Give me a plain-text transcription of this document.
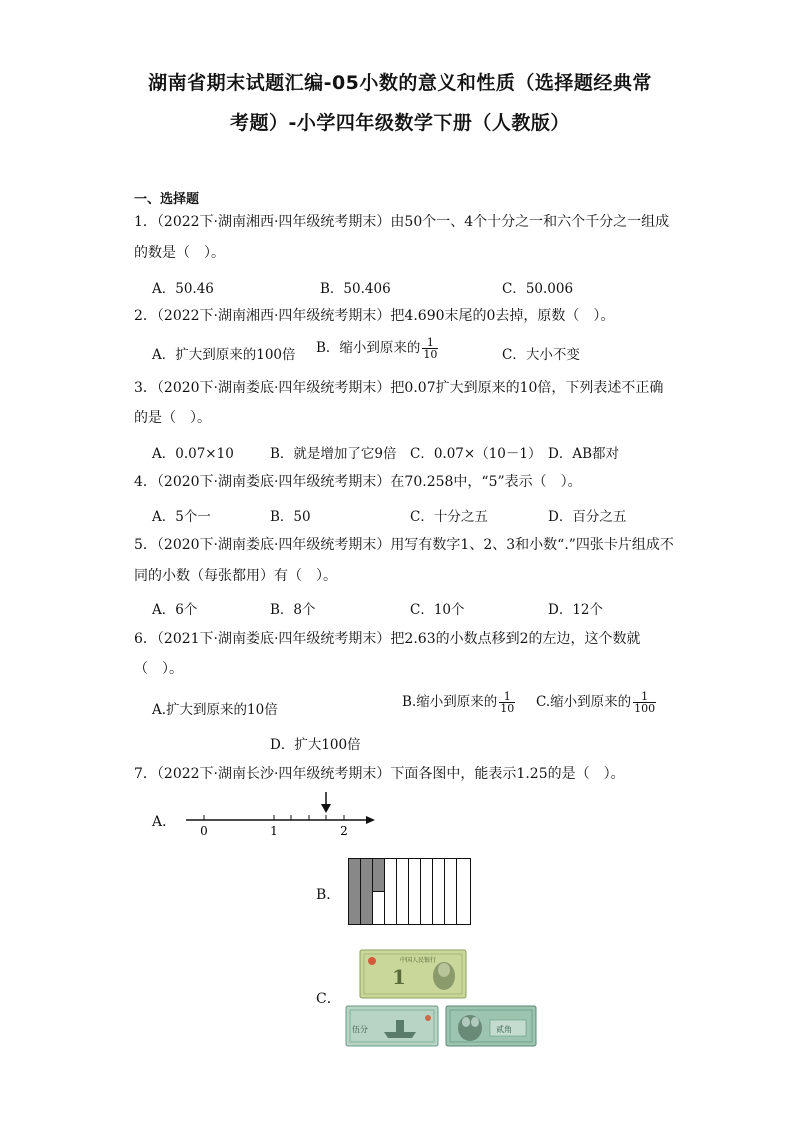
湖南省期末试题汇编-05小数的意义和性质（选择题经典常
考题）-小学四年级数学下册（人教版）
一、选择题
1．（2022下·湖南湘西·四年级统考期末）由50个一、4个十分之一和六个千分之一组成
的数是（　）。
A．50.46	B．50.406	C．50.006
2．（2022下·湖南湘西·四年级统考期末）把4.690末尾的0去掉，原数（　）。
A．扩大到原来的100倍 B．缩小到原来的 $\frac{1}{10}$	C．大小不变
3．（2020下·湖南娄底·四年级统考期末）把0.07扩大到原来的10倍，下列表述不正确
的是（　）。
A．0.07×10	B．就是增加了它9倍 C．0.07×（10－1） D．AB都对
4．（2020下·湖南娄底·四年级统考期末）在70.258中，“5”表示（　）。
A．5个一	B．50	C．十分之五	D．百分之五
5．（2020下·湖南娄底·四年级统考期末）用写有数字1、2、3和小数“.”四张卡片组成不
同的小数（每张都用）有（　）。
A．6个	B．8个	C．10个	D．12个
6．（2021下·湖南娄底·四年级统考期末）把2.63的小数点移到2的左边，这个数就
（　）。
A.扩大到原来的10倍	B.缩小到原来的 $\frac{1}{10} C$.缩小到原来的 $\frac{1}{100}$
D．扩大100倍
7．（2022下·湖南长沙·四年级统考期末）下面各图中，能表示1.25的是（　）。
A．
0	1	2
B．
C．
中国人民银行
1
伍分	贰角
